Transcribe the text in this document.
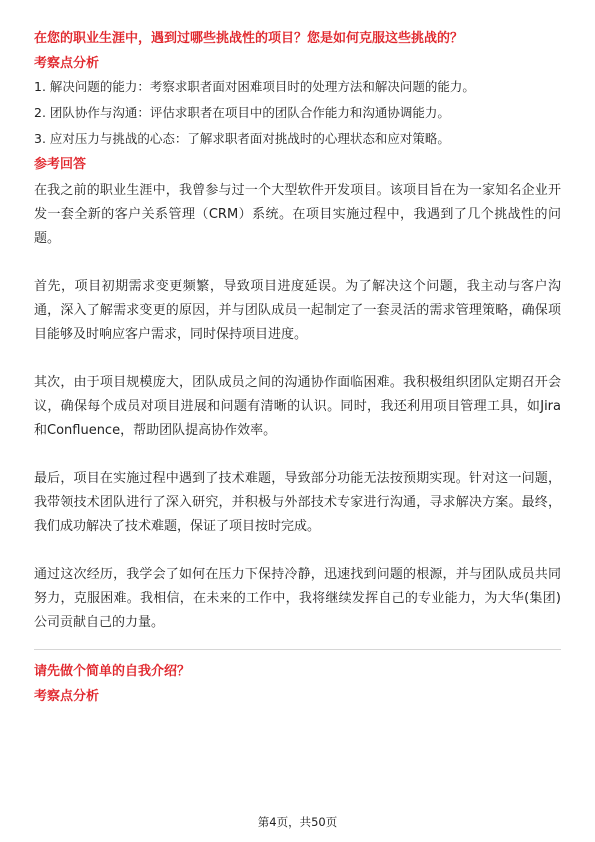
在您的职业生涯中，遇到过哪些挑战性的项目？您是如何克服这些挑战的？
考察点分析
1. 解决问题的能力：考察求职者面对困难项目时的处理方法和解决问题的能力。
2. 团队协作与沟通：评估求职者在项目中的团队合作能力和沟通协调能力。
3. 应对压力与挑战的心态：了解求职者面对挑战时的心理状态和应对策略。
参考回答

在我之前的职业生涯中，我曾参与过一个大型软件开发项目。该项目旨在为一家知名企业开发一套全新的客户关系管理（CRM）系统。在项目实施过程中，我遇到了几个挑战性的问题。

首先，项目初期需求变更频繁，导致项目进度延误。为了解决这个问题，我主动与客户沟通，深入了解需求变更的原因，并与团队成员一起制定了一套灵活的需求管理策略，确保项目能够及时响应客户需求，同时保持项目进度。

其次，由于项目规模庞大，团队成员之间的沟通协作面临困难。我积极组织团队定期召开会议，确保每个成员对项目进展和问题有清晰的认识。同时，我还利用项目管理工具，如Jira和Confluence，帮助团队提高协作效率。

最后，项目在实施过程中遇到了技术难题，导致部分功能无法按预期实现。针对这一问题，我带领技术团队进行了深入研究，并积极与外部技术专家进行沟通，寻求解决方案。最终，我们成功解决了技术难题，保证了项目按时完成。

通过这次经历，我学会了如何在压力下保持冷静，迅速找到问题的根源，并与团队成员共同努力，克服困难。我相信，在未来的工作中，我将继续发挥自己的专业能力，为大华(集团)公司贡献自己的力量。

请先做个简单的自我介绍？
考察点分析
第4页，共50页
